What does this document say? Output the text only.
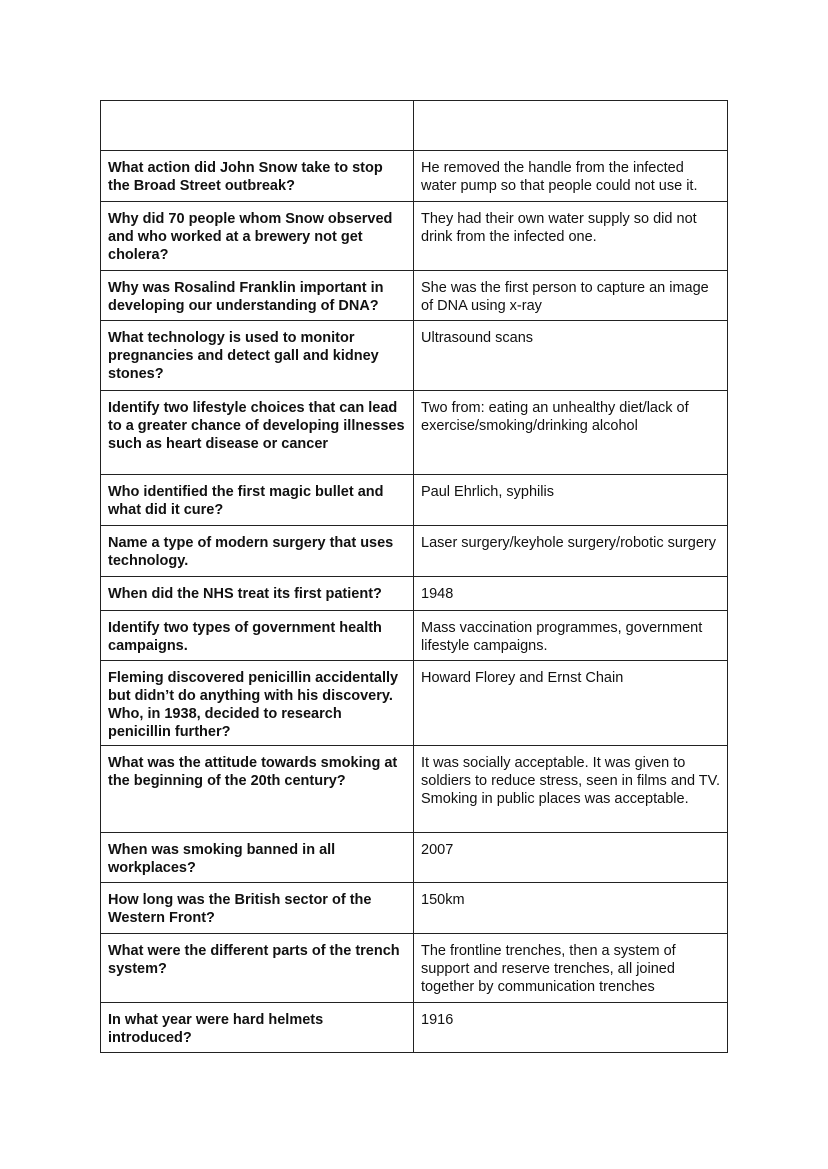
What action did John Snow take to stop the Broad Street outbreak?	He removed the handle from the infected water pump so that people could not use it.
Why did 70 people whom Snow observed and who worked at a brewery not get cholera?	They had their own water supply so did not drink from the infected one.
Why was Rosalind Franklin important in developing our understanding of DNA?	She was the first person to capture an image of DNA using x-ray
What technology is used to monitor pregnancies and detect gall and kidney stones?	Ultrasound scans
Identify two lifestyle choices that can lead to a greater chance of developing illnesses such as heart disease or cancer	Two from: eating an unhealthy diet/lack of exercise/smoking/drinking alcohol
Who identified the first magic bullet and what did it cure?	Paul Ehrlich, syphilis
Name a type of modern surgery that uses technology.	Laser surgery/keyhole surgery/robotic surgery
When did the NHS treat its first patient?	1948
Identify two types of government health campaigns.	Mass vaccination programmes, government lifestyle campaigns.
Fleming discovered penicillin accidentally but didn’t do anything with his discovery. Who, in 1938, decided to research penicillin further?	Howard Florey and Ernst Chain
What was the attitude towards smoking at the beginning of the 20th century?	It was socially acceptable. It was given to soldiers to reduce stress, seen in films and TV. Smoking in public places was acceptable.
When was smoking banned in all workplaces?	2007
How long was the British sector of the Western Front?	150km
What were the different parts of the trench system?	The frontline trenches, then a system of support and reserve trenches, all joined together by communication trenches
In what year were hard helmets introduced?	1916
